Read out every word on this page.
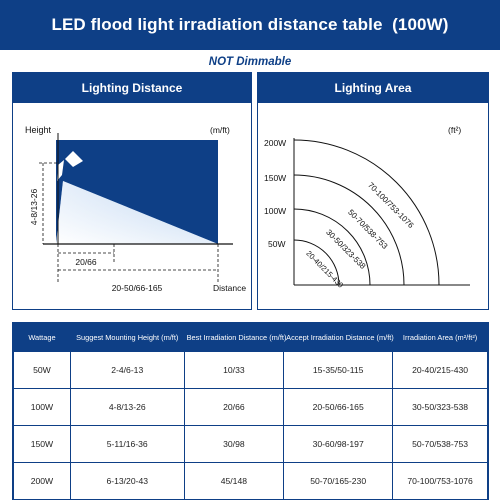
LED flood light irradiation distance table  (100W)
NOT Dimmable
Lighting Distance
Height	(m/ft)
4-8/13-26
20/66
20-50/66-165	Distance
Lighting Area
(ft²)
200W
150W
100W
50W
70-100/753-1076
50-70/538-753
30-50/323-538
20-40/215-430
Wattage	Suggest Mounting Height (m/ft)	Best Irradiation Distance (m/ft)	Accept Irradiation Distance (m/ft)	Irradiation Area (m²/ft²)
50W	2-4/6-13	10/33	15-35/50-115	20-40/215-430
100W	4-8/13-26	20/66	20-50/66-165	30-50/323-538
150W	5-11/16-36	30/98	30-60/98-197	50-70/538-753
200W	6-13/20-43	45/148	50-70/165-230	70-100/753-1076
